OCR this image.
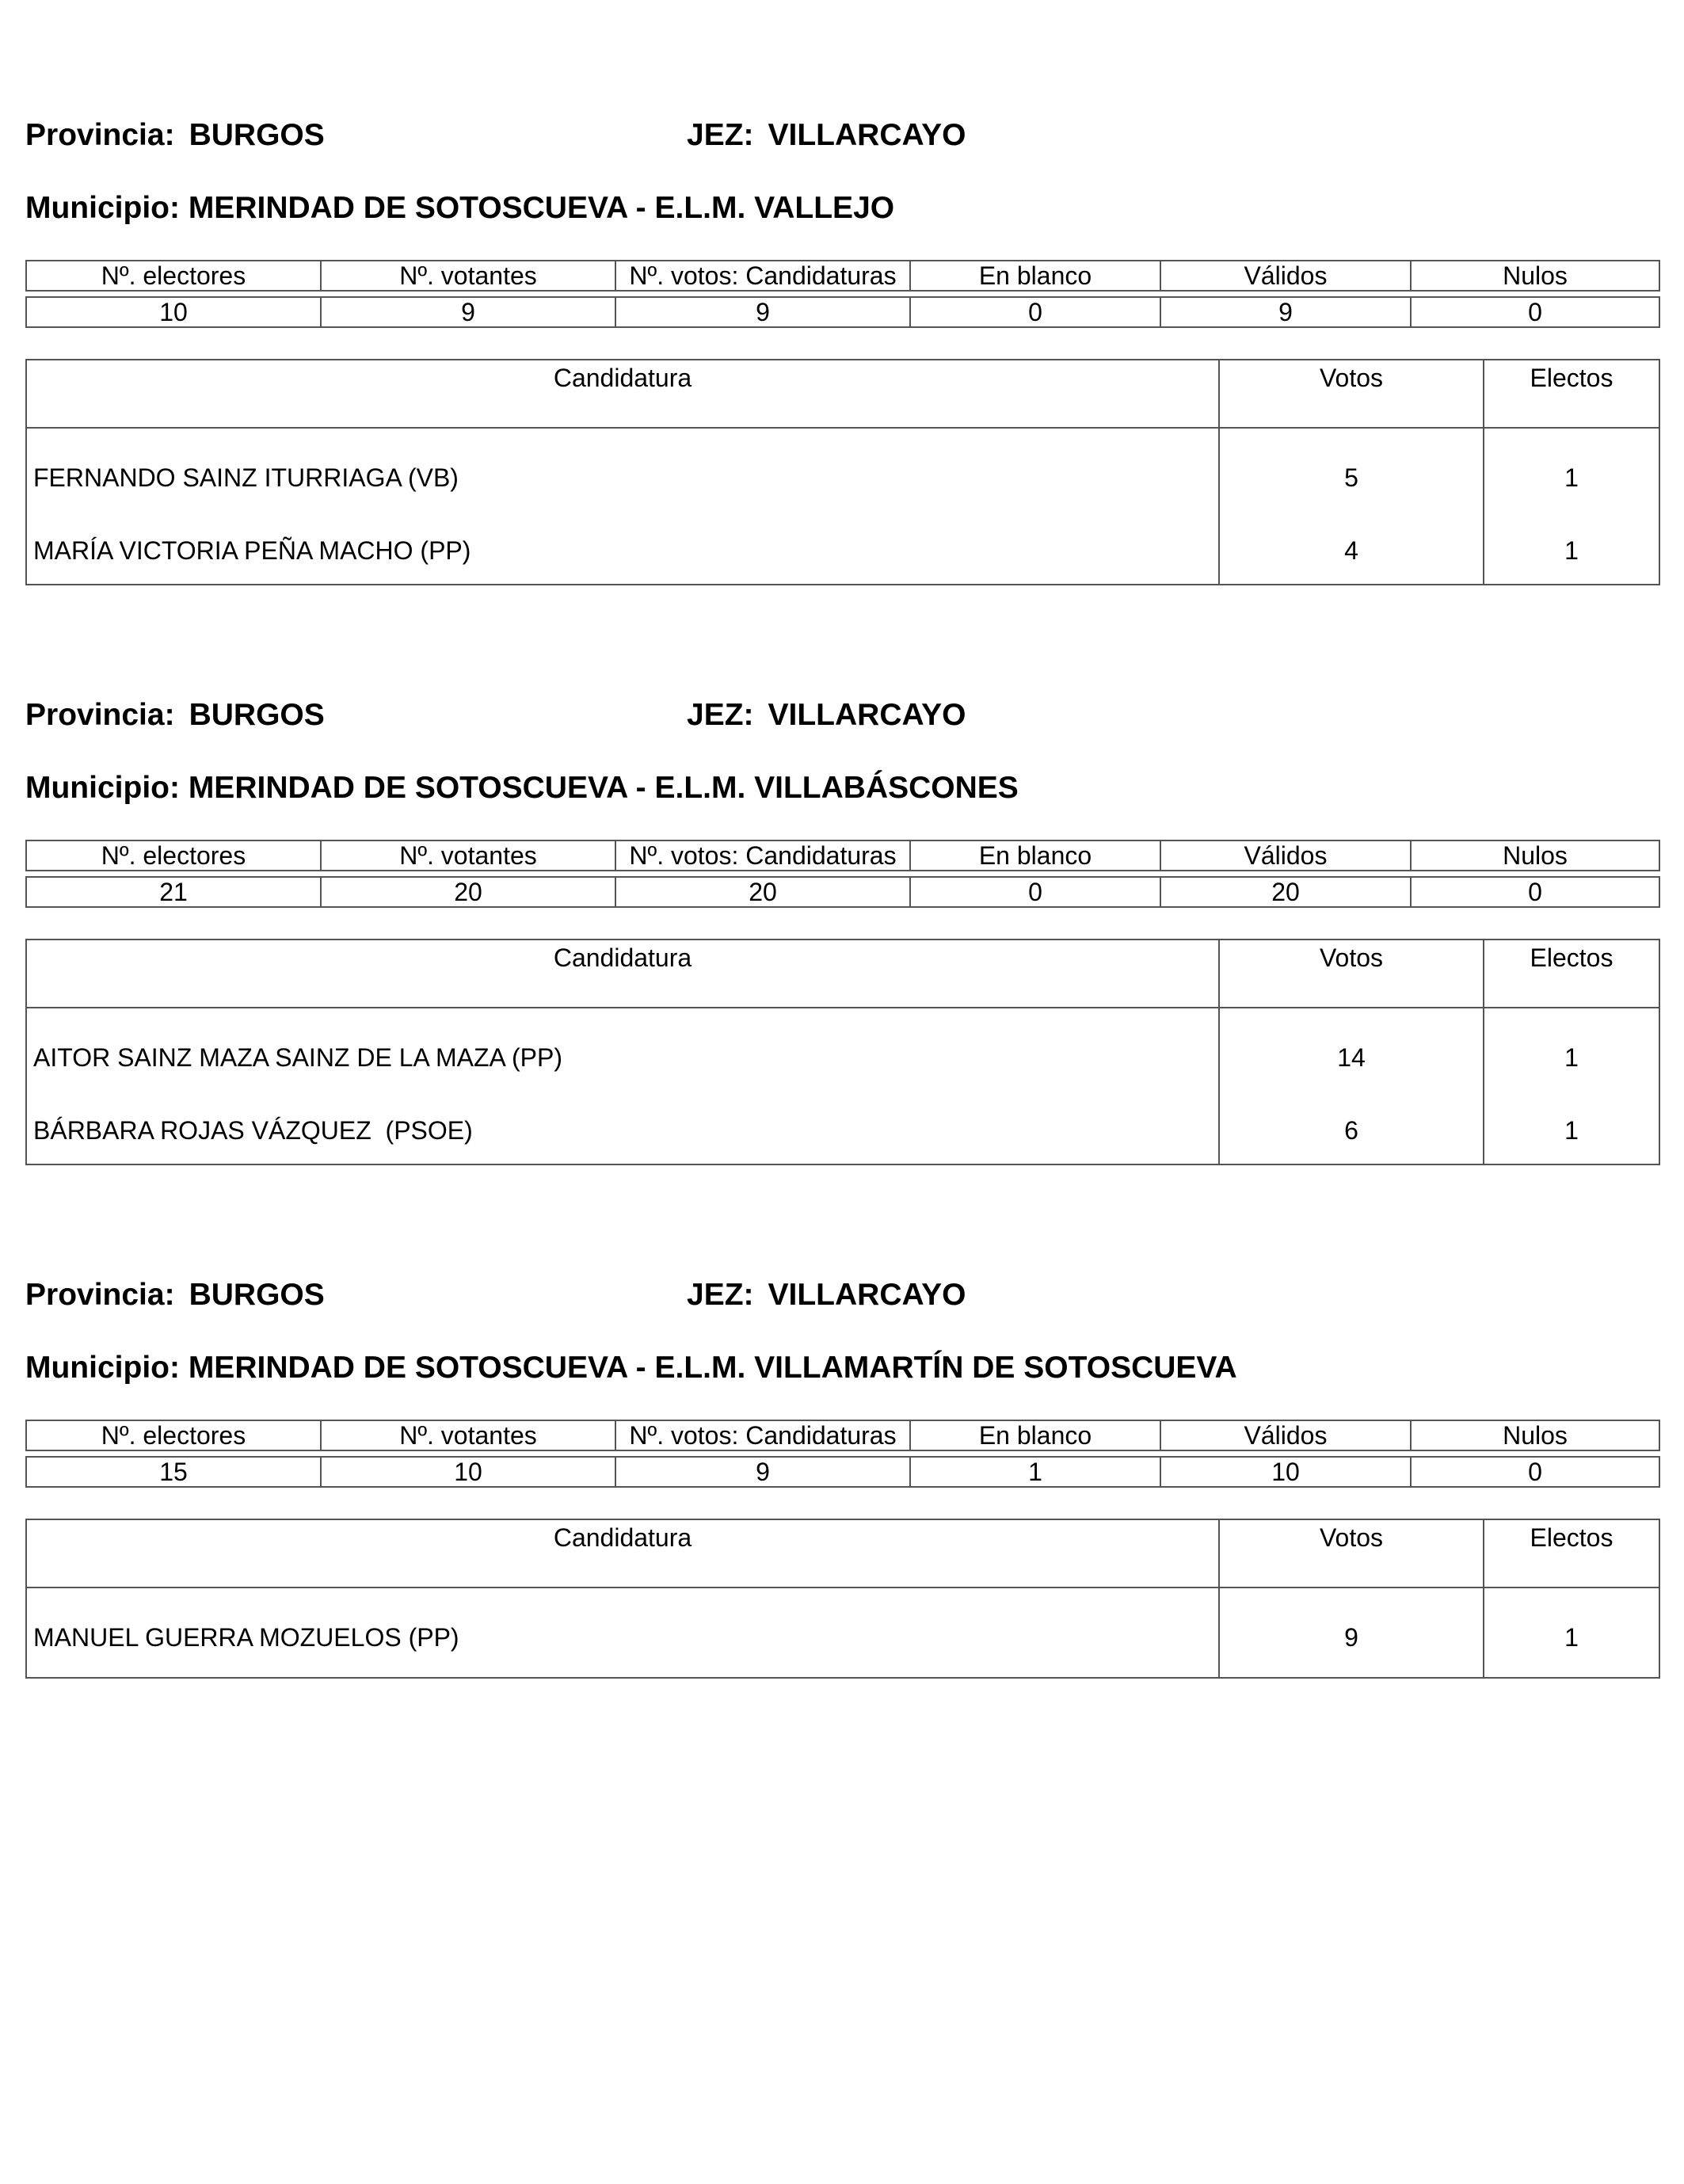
Provincia: BURGOS	JEZ: VILLARCAYO
Municipio: MERINDAD DE SOTOSCUEVA - E.L.M. VALLEJO
Nº. electores	Nº. votantes	Nº. votos: Candidaturas	En blanco	Válidos	Nulos

10	9	9	0	9	0
Candidatura	Votos	Electos
FERNANDO SAINZ ITURRIAGA (VB)	5	1
MARÍA VICTORIA PEÑA MACHO (PP)	4	1
Provincia: BURGOS	JEZ: VILLARCAYO
Municipio: MERINDAD DE SOTOSCUEVA - E.L.M. VILLABÁSCONES
Nº. electores	Nº. votantes	Nº. votos: Candidaturas	En blanco	Válidos	Nulos

21	20	20	0	20	0
Candidatura	Votos	Electos
AITOR SAINZ MAZA SAINZ DE LA MAZA (PP)	14	1
BÁRBARA ROJAS VÁZQUEZ  (PSOE)	6	1
Provincia: BURGOS	JEZ: VILLARCAYO
Municipio: MERINDAD DE SOTOSCUEVA - E.L.M. VILLAMARTÍN DE SOTOSCUEVA
Nº. electores	Nº. votantes	Nº. votos: Candidaturas	En blanco	Válidos	Nulos

15	10	9	1	10	0
Candidatura	Votos	Electos
MANUEL GUERRA MOZUELOS (PP)	9	1
